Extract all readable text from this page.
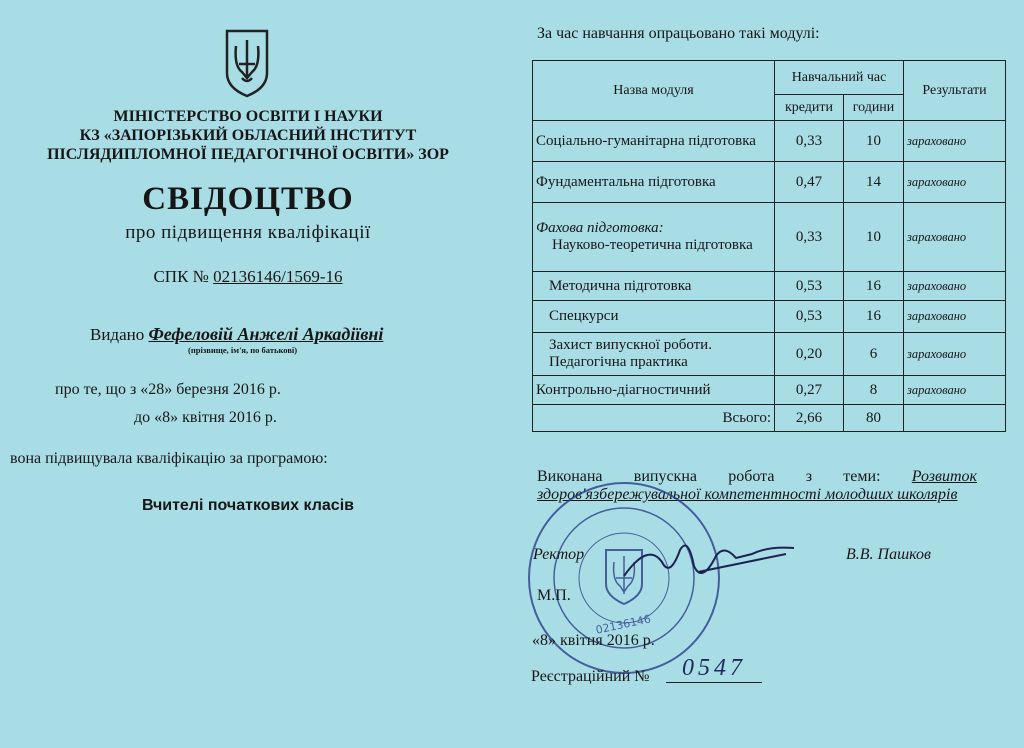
МІНІСТЕРСТВО ОСВІТИ І НАУКИ
КЗ «ЗАПОРІЗЬКИЙ ОБЛАСНИЙ ІНСТИТУТ
ПІСЛЯДИПЛОМНОЇ ПЕДАГОГІЧНОЇ ОСВІТИ» ЗОР
СВІДОЦТВО
про підвищення кваліфікації
СПК № 02136146/1569-16
Видано Фефеловій Анжелі Аркадіївні
(прізвище, ім'я, по батькові)
про те, що з «28» березня 2016 р.
до «8» квітня 2016 р.
вона підвищувала кваліфікацію за програмою:
Вчителі початкових класів
За час навчання опрацьовано такі модулі:
Назва модуля	Навчальний час		Результати
	кредити	години	
Соціально-гуманітарна підготовка	0,33	10	зараховано
Фундаментальна підготовка	0,47	14	зараховано

Фахова підготовка:
Науково-теоретична підготовка	0,33	10	зараховано
Методична підготовка	0,53	16	зараховано
Спецкурси	0,53	16	зараховано
Захист випускної роботи. Педагогічна практика	0,20	6	зараховано
Контрольно-діагностичний	0,27	8	зараховано
Всього:	2,66	80	
Виконана випускна робота з теми: Розвиток здоров'язбережувальної компетентності молодших школярів
02136146
Ректор	В.В. Пашков
М.П.
«8» квітня 2016 р.
Реєстраційний №	0547
